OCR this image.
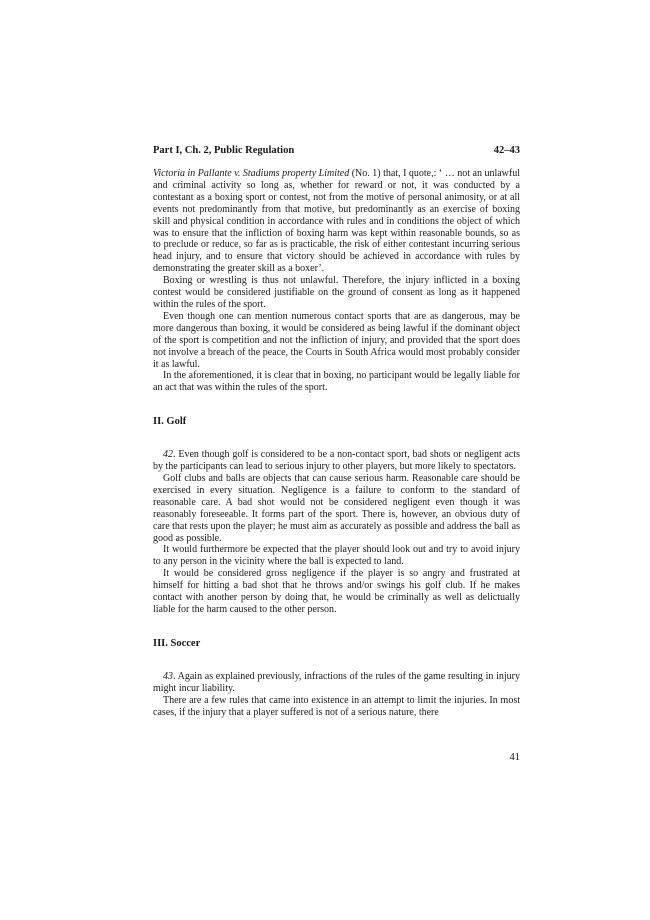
Part I, Ch. 2, Public Regulation	42–43

Victoria in Pallante v. Stadiums property Limited (No. 1) that, I quote,: ‘ … not an unlawful and criminal activity so long as, whether for reward or not, it was conducted by a contestant as a boxing sport or contest, not from the motive of personal animosity, or at all events not predominantly from that motive, but predominantly as an exercise of boxing skill and physical condition in accordance with rules and in conditions the object of which was to ensure that the infliction of boxing harm was kept within reasonable bounds, so as to preclude or reduce, so far as is practicable, the risk of either contestant incurring serious head injury, and to ensure that victory should be achieved in accordance with rules by demonstrating the greater skill as a boxer’.

Boxing or wrestling is thus not unlawful. Therefore, the injury inflicted in a boxing contest would be considered justifiable on the ground of consent as long as it happened within the rules of the sport.

Even though one can mention numerous contact sports that are as dangerous, may be more dangerous than boxing, it would be considered as being lawful if the dominant object of the sport is competition and not the infliction of injury, and provided that the sport does not involve a breach of the peace, the Courts in South Africa would most probably consider it as lawful.

In the aforementioned, it is clear that in boxing, no participant would be legally liable for an act that was within the rules of the sport.

II. Golf

42. Even though golf is considered to be a non-contact sport, bad shots or negligent acts by the participants can lead to serious injury to other players, but more likely to spectators.

Golf clubs and balls are objects that can cause serious harm. Reasonable care should be exercised in every situation. Negligence is a failure to conform to the standard of reasonable care. A bad shot would not be considered negligent even though it was reasonably foreseeable. It forms part of the sport. There is, however, an obvious duty of care that rests upon the player; he must aim as accurately as possible and address the ball as good as possible.

It would furthermore be expected that the player should look out and try to avoid injury to any person in the vicinity where the ball is expected to land.

It would be considered gross negligence if the player is so angry and frustrated at himself for hitting a bad shot that he throws and/or swings his golf club. If he makes contact with another person by doing that, he would be criminally as well as delictually liable for the harm caused to the other person.

III. Soccer

43. Again as explained previously, infractions of the rules of the game resulting in injury might incur liability.

There are a few rules that came into existence in an attempt to limit the injuries. In most cases, if the injury that a player suffered is not of a serious nature, there

41
